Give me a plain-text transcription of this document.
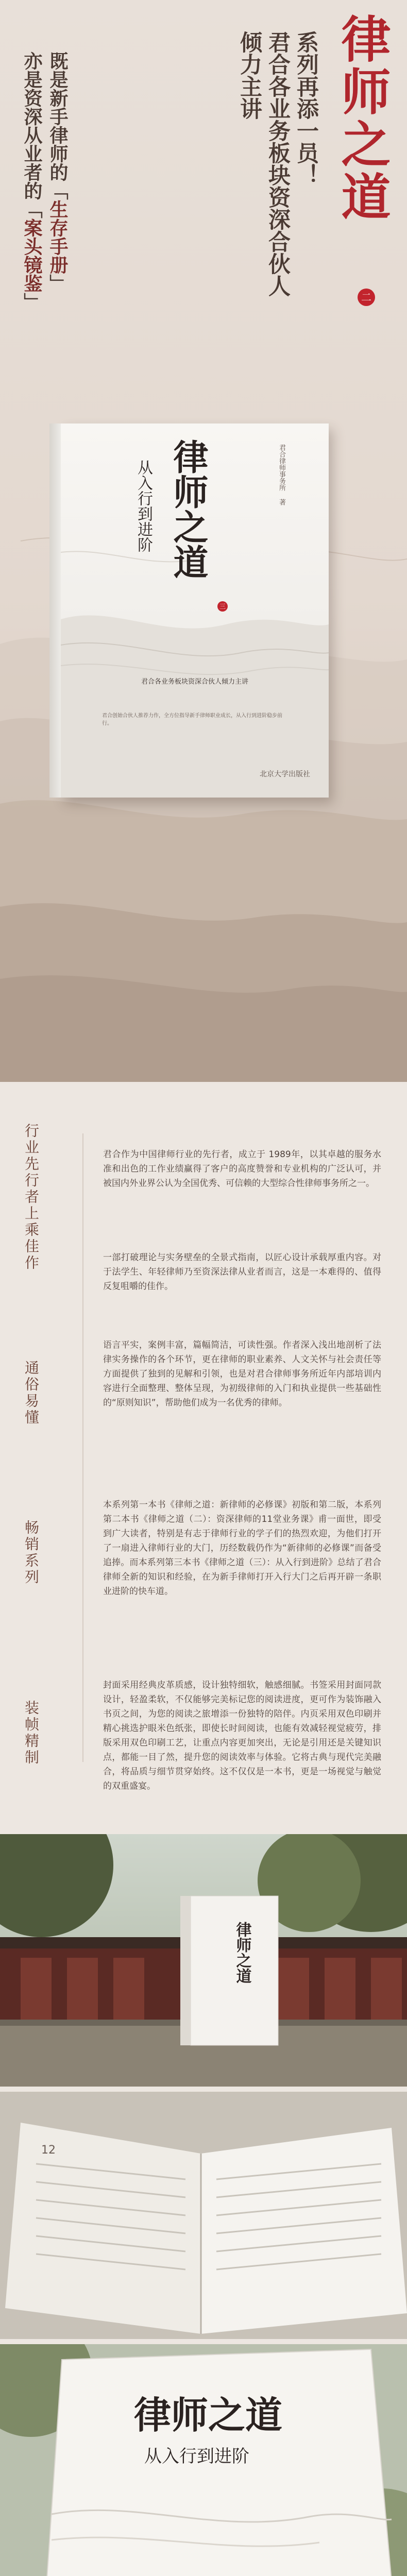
律师之道
二
系列再添一员！
君合各业务板块资深合伙人
倾力主讲
既是新手律师的「生存手册」
亦是资深从业者的「案头镜鉴」
律师之道
三
从入行到进阶	君合律师事务所 著
君合各业务板块资深合伙人倾力主讲
君合创始合伙人推荐力作，全方位指导新手律师职业成长，从入行到进阶稳步前行。
北京大学出版社
行业先行者上乘佳作

君合作为中国律师行业的先行者，成立于 1989年，以其卓越的服务水准和出色的工作业绩赢得了客户的高度赞誉和专业机构的广泛认可，并被国内外业界公认为全国优秀、可信赖的大型综合性律师事务所之一。

一部打破理论与实务壁垒的全景式指南，以匠心设计承载厚重内容。对于法学生、年轻律师乃至资深法律从业者而言，这是一本难得的、值得反复咀嚼的佳作。

通俗易懂

语言平实，案例丰富，篇幅简洁，可读性强。作者深入浅出地剖析了法律实务操作的各个环节，更在律师的职业素养、人文关怀与社会责任等方面提供了独到的见解和引领，也是对君合律师事务所近年内部培训内容进行全面整理、整体呈现，为初级律师的入门和执业提供一些基础性的“原则知识”，帮助他们成为一名优秀的律师。

畅销系列

本系列第一本书《律师之道：新律师的必修课》初版和第二版，本系列第二本书《律师之道（二）：资深律师的11堂业务课》甫一面世，即受到广大读者，特别是有志于律师行业的学子们的热烈欢迎，为他们打开了一扇进入律师行业的大门，历经数载仍作为“新律师的必修课”而备受追捧。而本系列第三本书《律师之道（三）：从入行到进阶》总结了君合律师全新的知识和经验，在为新手律师打开入行大门之后再开辟一条职业进阶的快车道。

装帧精制

封面采用经典皮革质感，设计独特细软，触感细腻。书签采用封面同款设计，轻盈柔软，不仅能够完美标记您的阅读进度，更可作为装饰融入书页之间，为您的阅读之旅增添一份独特的陪伴。内页采用双色印刷并精心挑选护眼米色纸张，即使长时间阅读，也能有效减轻视觉疲劳，排版采用双色印刷工艺，让重点内容更加突出，无论是引用还是关键知识点，都能一目了然，提升您的阅读效率与体验。它将古典与现代完美融合，将品质与细节贯穿始终。这不仅仅是一本书，更是一场视觉与触觉的双重盛宴。

律师之道
12
律师之道
从入行到进阶
